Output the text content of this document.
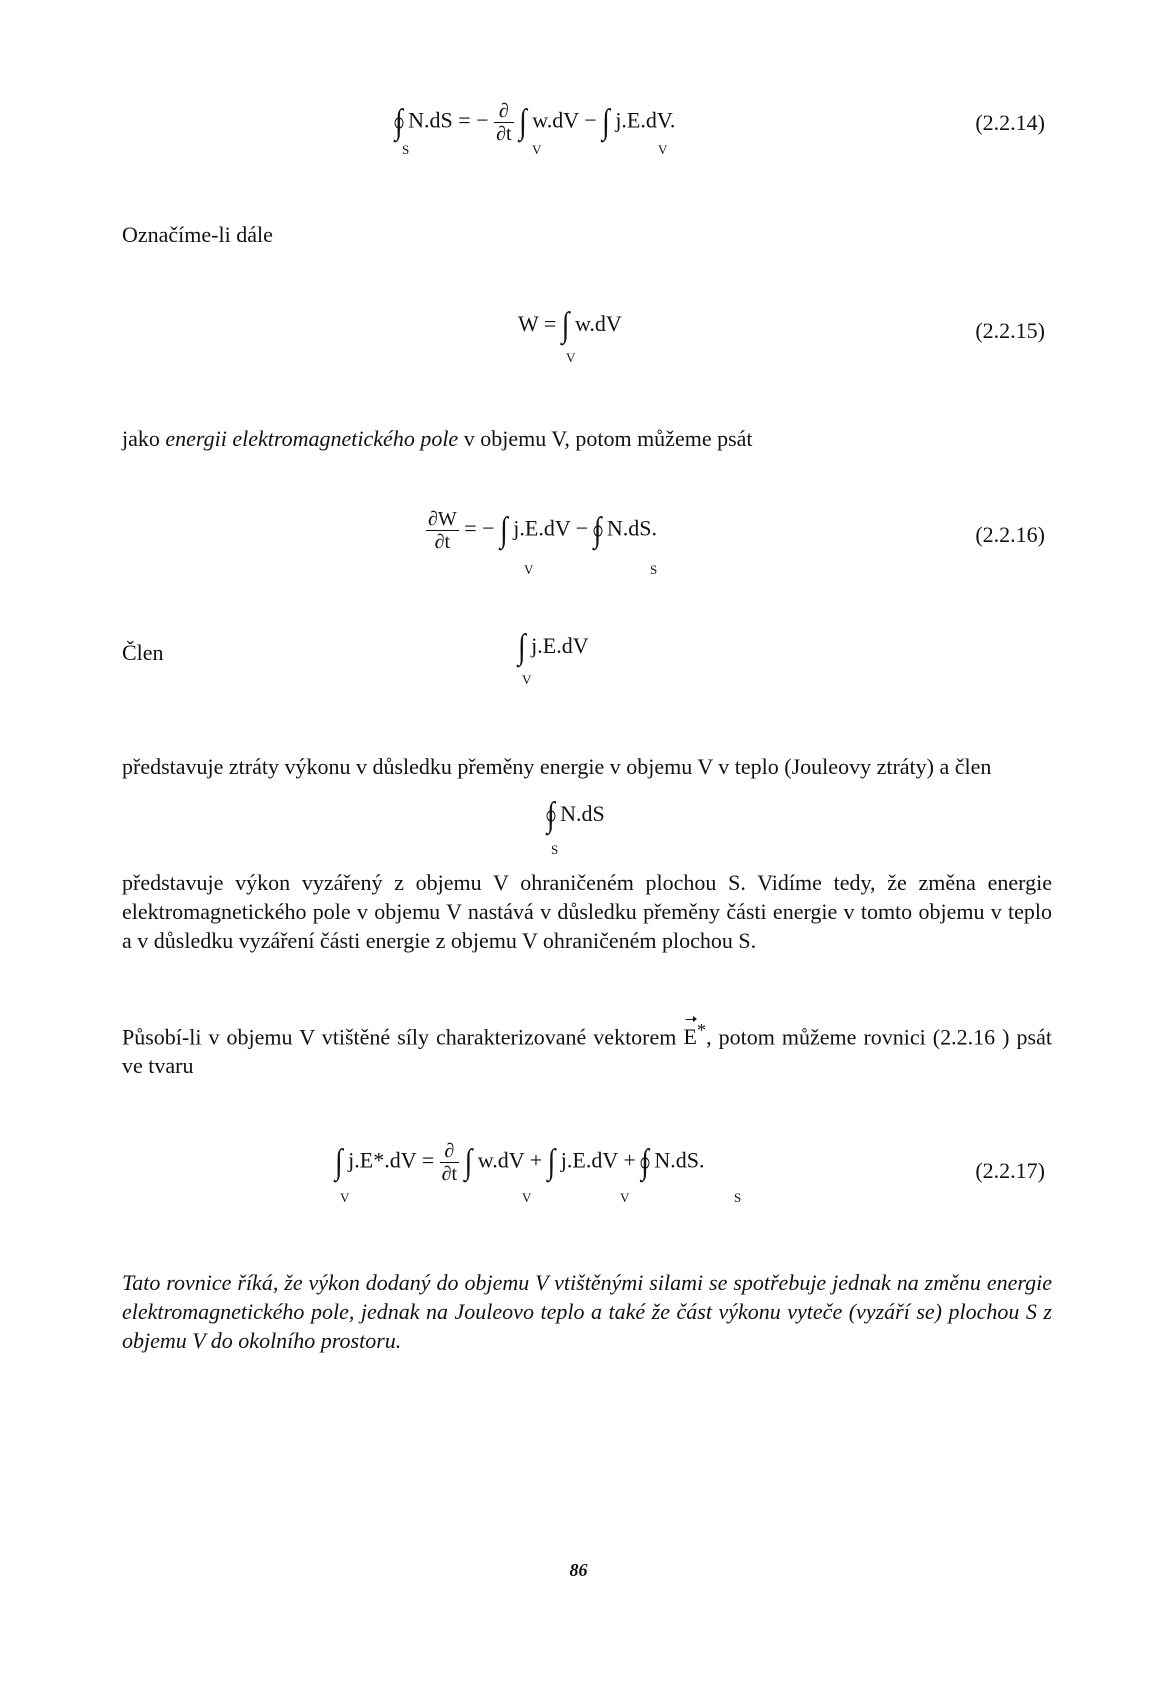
∫ N.dS = − $\frac{\partial}{\partial t}$ ∫ w.dV − ∫ j.E.dV.
S	V	V
(2.2.14)
Označíme-li dále
W = ∫ w.dV
V
(2.2.15)
jako energii elektromagnetického pole v objemu V, potom můžeme psát
$\frac{\partial W}{\partial t}$ = − ∫ j.E.dV − ∫ N.dS.
V	S
(2.2.16)
Člen	∫ j.E.dV
V
představuje ztráty výkonu v důsledku přeměny energie v objemu V v teplo (Jouleovy ztráty) a člen
∫ N.dS
S
představuje výkon vyzářený z objemu V ohraničeném plochou S. Vidíme tedy, že změna energie elektromagnetického pole v objemu V nastává v důsledku přeměny části energie v tomto objemu v teplo a v důsledku vyzáření části energie z objemu V ohraničeném plochou S.
Působí-li v objemu V vtištěné síly charakterizované vektorem E*, potom můžeme rovnici (2.2.16 ) psát ve tvaru
∫ $j.E*.dV = \frac{\partial}{\partial t}$ ∫ w.dV + ∫ j.E.dV + ∫ N.dS.
V	V	V	S
(2.2.17)
Tato rovnice říká, že výkon dodaný do objemu V vtištěnými silami se spotřebuje jednak na změnu energie elektromagnetického pole, jednak na Jouleovo teplo a také že část výkonu vyteče (vyzáří se) plochou S z objemu V do okolního prostoru.
86
